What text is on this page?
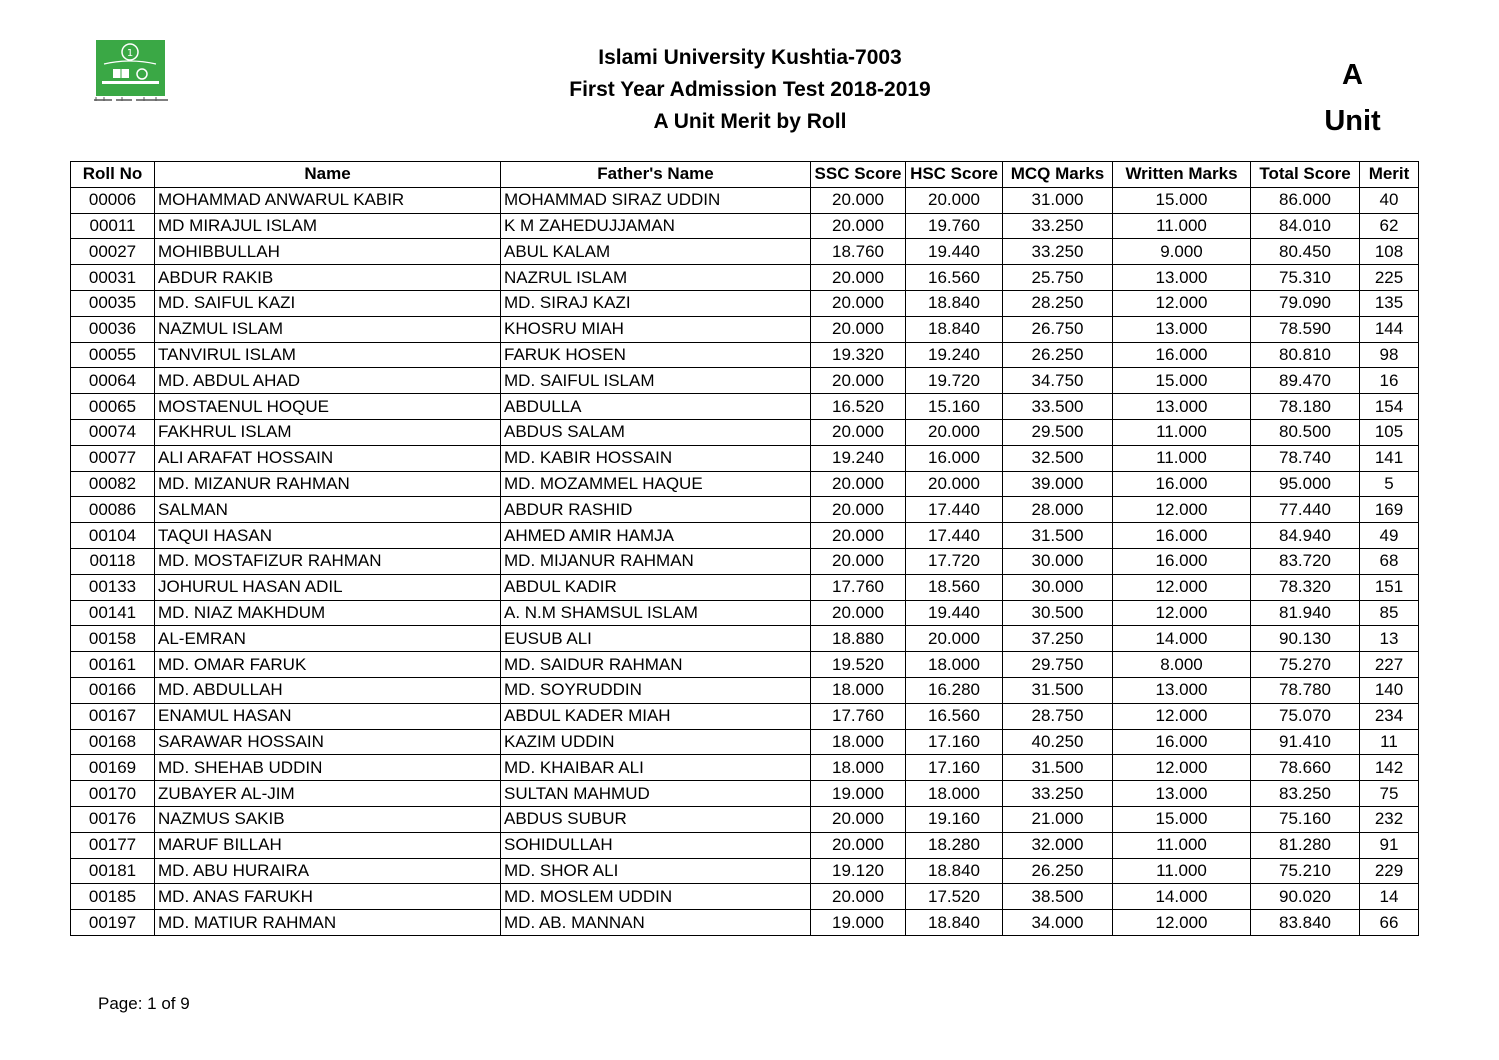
1	Islami University Kushtia-7003
First Year Admission Test 2018-2019
A Unit Merit by Roll
A
Unit
Roll No	Name	Father's Name	SSC Score	HSC Score	MCQ Marks	Written Marks	Total Score	Merit
00006	MOHAMMAD ANWARUL KABIR	MOHAMMAD SIRAZ UDDIN	20.000	20.000	31.000	15.000	86.000	40
00011	MD MIRAJUL ISLAM	K M ZAHEDUJJAMAN	20.000	19.760	33.250	11.000	84.010	62
00027	MOHIBBULLAH	ABUL KALAM	18.760	19.440	33.250	9.000	80.450	108
00031	ABDUR RAKIB	NAZRUL ISLAM	20.000	16.560	25.750	13.000	75.310	225
00035	MD. SAIFUL KAZI	MD. SIRAJ KAZI	20.000	18.840	28.250	12.000	79.090	135
00036	NAZMUL ISLAM	KHOSRU MIAH	20.000	18.840	26.750	13.000	78.590	144
00055	TANVIRUL ISLAM	FARUK HOSEN	19.320	19.240	26.250	16.000	80.810	98
00064	MD. ABDUL AHAD	MD. SAIFUL ISLAM	20.000	19.720	34.750	15.000	89.470	16
00065	MOSTAENUL HOQUE	ABDULLA	16.520	15.160	33.500	13.000	78.180	154
00074	FAKHRUL ISLAM	ABDUS SALAM	20.000	20.000	29.500	11.000	80.500	105
00077	ALI ARAFAT HOSSAIN	MD. KABIR HOSSAIN	19.240	16.000	32.500	11.000	78.740	141
00082	MD. MIZANUR RAHMAN	MD. MOZAMMEL HAQUE	20.000	20.000	39.000	16.000	95.000	5
00086	SALMAN	ABDUR RASHID	20.000	17.440	28.000	12.000	77.440	169
00104	TAQUI HASAN	AHMED AMIR HAMJA	20.000	17.440	31.500	16.000	84.940	49
00118	MD. MOSTAFIZUR RAHMAN	MD. MIJANUR RAHMAN	20.000	17.720	30.000	16.000	83.720	68
00133	JOHURUL HASAN ADIL	ABDUL KADIR	17.760	18.560	30.000	12.000	78.320	151
00141	MD. NIAZ MAKHDUM	A. N.M SHAMSUL ISLAM	20.000	19.440	30.500	12.000	81.940	85
00158	AL-EMRAN	EUSUB ALI	18.880	20.000	37.250	14.000	90.130	13
00161	MD. OMAR FARUK	MD. SAIDUR RAHMAN	19.520	18.000	29.750	8.000	75.270	227
00166	MD. ABDULLAH	MD. SOYRUDDIN	18.000	16.280	31.500	13.000	78.780	140
00167	ENAMUL HASAN	ABDUL KADER MIAH	17.760	16.560	28.750	12.000	75.070	234
00168	SARAWAR HOSSAIN	KAZIM UDDIN	18.000	17.160	40.250	16.000	91.410	11
00169	MD. SHEHAB UDDIN	MD. KHAIBAR ALI	18.000	17.160	31.500	12.000	78.660	142
00170	ZUBAYER AL-JIM	SULTAN MAHMUD	19.000	18.000	33.250	13.000	83.250	75
00176	NAZMUS SAKIB	ABDUS SUBUR	20.000	19.160	21.000	15.000	75.160	232
00177	MARUF BILLAH	SOHIDULLAH	20.000	18.280	32.000	11.000	81.280	91
00181	MD. ABU HURAIRA	MD. SHOR ALI	19.120	18.840	26.250	11.000	75.210	229
00185	MD. ANAS FARUKH	MD. MOSLEM UDDIN	20.000	17.520	38.500	14.000	90.020	14
00197	MD. MATIUR RAHMAN	MD. AB. MANNAN	19.000	18.840	34.000	12.000	83.840	66
Page: 1 of 9
